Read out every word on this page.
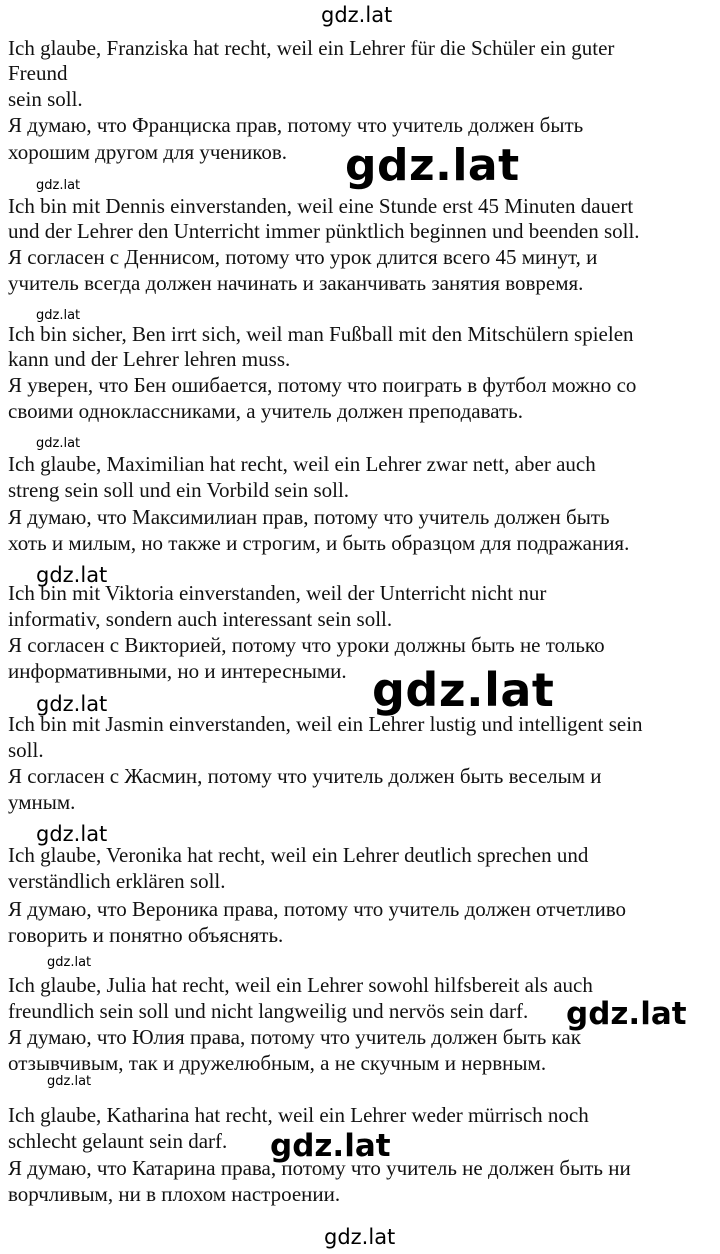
gdz.lat
gdz.lat
gdz.lat
gdz.lat
gdz.lat
gdz.lat
gdz.lat
gdz.lat
gdz.lat
gdz.lat
gdz.lat
gdz.lat
gdz.lat
gdz.lat

Ich glaube, Franziska hat recht, weil ein Lehrer für die Schüler ein guter

Freund

sein soll.

Я думаю, что Франциска прав, потому что учитель должен быть

хорошим другом для учеников.

Ich bin mit Dennis einverstanden, weil eine Stunde erst 45 Minuten dauert

und der Lehrer den Unterricht immer pünktlich beginnen und beenden soll.

Я согласен с Деннисом, потому что урок длится всего 45 минут, и

учитель всегда должен начинать и заканчивать занятия вовремя.

Ich bin sicher, Ben irrt sich, weil man Fußball mit den Mitschülern spielen

kann und der Lehrer lehren muss.

Я уверен, что Бен ошибается, потому что поиграть в футбол можно со

своими одноклассниками, а учитель должен преподавать.

Ich glaube, Maximilian hat recht, weil ein Lehrer zwar nett, aber auch

streng sein soll und ein Vorbild sein soll.

Я думаю, что Максимилиан прав, потому что учитель должен быть

хоть и милым, но также и строгим, и быть образцом для подражания.

Ich bin mit Viktoria einverstanden, weil der Unterricht nicht nur

informativ, sondern auch interessant sein soll.

Я согласен с Викторией, потому что уроки должны быть не только

информативными, но и интересными.

Ich bin mit Jasmin einverstanden, weil ein Lehrer lustig und intelligent sein

soll.

Я согласен с Жасмин, потому что учитель должен быть веселым и

умным.

Ich glaube, Veronika hat recht, weil ein Lehrer deutlich sprechen und

verständlich erklären soll.

Я думаю, что Вероника права, потому что учитель должен отчетливо

говорить и понятно объяснять.

Ich glaube, Julia hat recht, weil ein Lehrer sowohl hilfsbereit als auch

freundlich sein soll und nicht langweilig und nervös sein darf.

Я думаю, что Юлия права, потому что учитель должен быть как

отзывчивым, так и дружелюбным, а не скучным и нервным.

Ich glaube, Katharina hat recht, weil ein Lehrer weder mürrisch noch

schlecht gelaunt sein darf.

Я думаю, что Катарина права, потому что учитель не должен быть ни

ворчливым, ни в плохом настроении.
